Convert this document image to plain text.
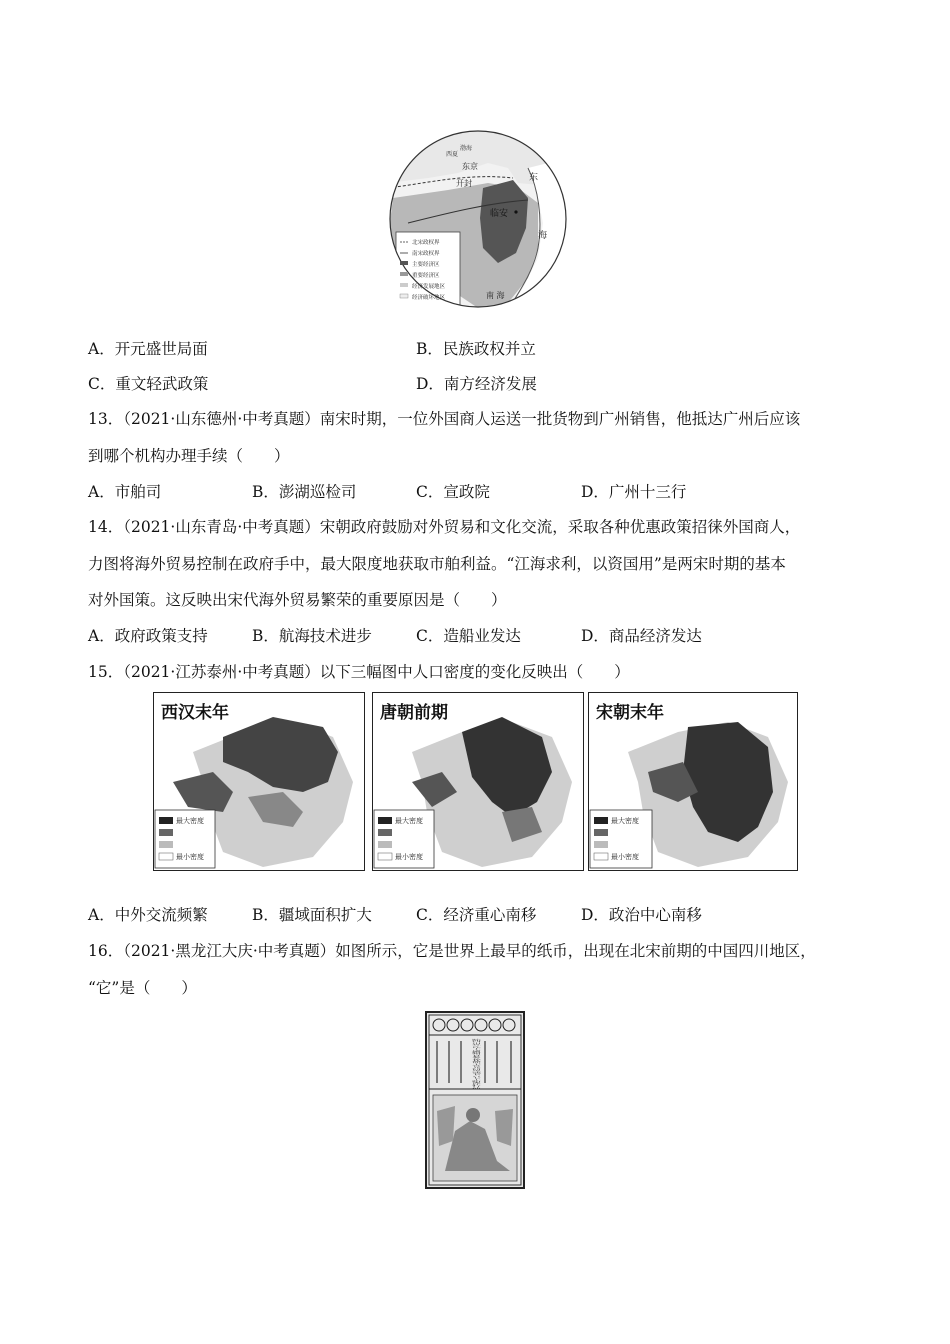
渤海
西夏
东京
开封
东
临安
海
南 海
北宋政权界
南宋政权界
主要经济区
重要经济区
经济发展地区
经济破坏地区
A．开元盛世局面	B．民族政权并立
C．重文轻武政策	D．南方经济发展
13．（2021·山东德州·中考真题）南宋时期，一位外国商人运送一批货物到广州销售，他抵达广州后应该
到哪个机构办理手续（　　）
A．市舶司	B．澎湖巡检司	C．宣政院	D．广州十三行
14．（2021·山东青岛·中考真题）宋朝政府鼓励对外贸易和文化交流，采取各种优惠政策招徕外国商人，
力图将海外贸易控制在政府手中，最大限度地获取市舶利益。“江海求利，以资国用”是两宋时期的基本
对外国策。这反映出宋代海外贸易繁荣的重要原因是（　　）
A．政府政策支持	B．航海技术进步	C．造船业发达	D．商品经济发达
15．（2021·江苏泰州·中考真题）以下三幅图中人口密度的变化反映出（　　）
最大密度
最小密度
西汉末年
最大密度
最小密度
唐朝前期
最大密度
最小密度
宋朝末年
A．中外交流频繁	B．疆域面积扩大	C．经济重心南移	D．政治中心南移
16．（2021·黑龙江大庆·中考真题）如图所示，它是世界上最早的纸币，出现在北宋前期的中国四川地区，
“它”是（　　）
